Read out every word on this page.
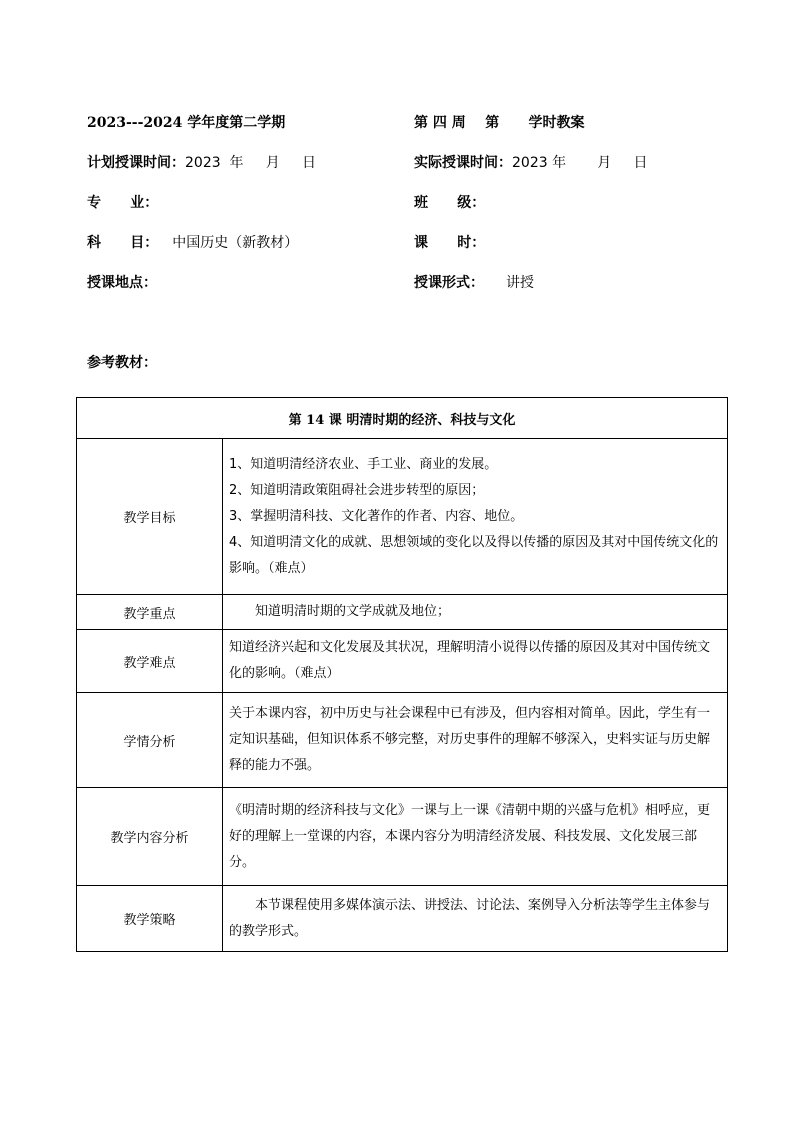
2023---2024 学年度第二学期	第 四 周    第      学时教案
计划授课时间：2023  年     月     日	实际授课时间：2023 年       月     日
专      业：	班      级：
科      目： 中国历史（新教材）	课      时：
授课地点：	授课形式： 讲授
参考教材：
第 14 课 明清时期的经济、科技与文化	
教学目标	1、知道明清经济农业、手工业、商业的发展。

2、知道明清政策阻碍社会进步转型的原因；

3、掌握明清科技、文化著作的作者、内容、地位。

4、知道明清文化的成就、思想领域的变化以及得以传播的原因及其对中国传统文化的影响。（难点）

教学重点	知道明清时期的文学成就及地位；
教学难点	知道经济兴起和文化发展及其状况，理解明清小说得以传播的原因及其对中国传统文化的影响。（难点）
学情分析	关于本课内容，初中历史与社会课程中已有涉及，但内容相对简单。因此，学生有一定知识基础，但知识体系不够完整，对历史事件的理解不够深入，史料实证与历史解释的能力不强。
教学内容分析	《明清时期的经济科技与文化》一课与上一课《清朝中期的兴盛与危机》相呼应，更好的理解上一堂课的内容，本课内容分为明清经济发展、科技发展、文化发展三部分。
教学策略	本节课程使用多媒体演示法、讲授法、讨论法、案例导入分析法等学生主体参与的教学形式。
